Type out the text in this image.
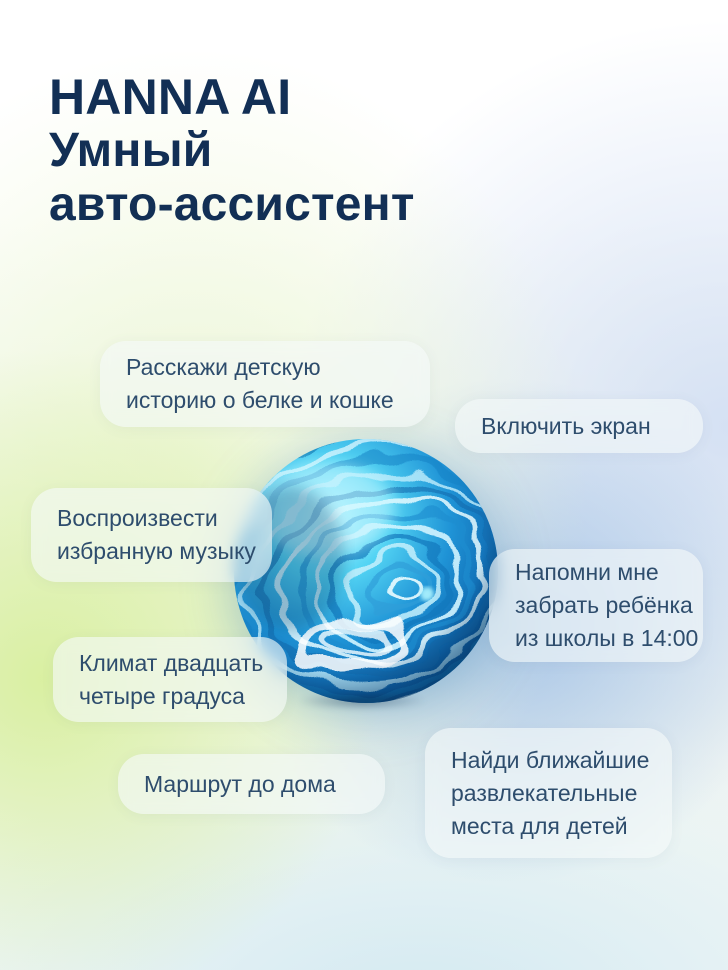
HANNA AI
Умный
авто-ассистент
Расскажи детскую
историю о белке и кошке
Включить экран
Воспроизвести
избранную музыку
Напомни мне
забрать ребёнка
из школы в 14:00
Климат двадцать
четыре градуса
Маршрут до дома
Найди ближайшие
развлекательные
места для детей
